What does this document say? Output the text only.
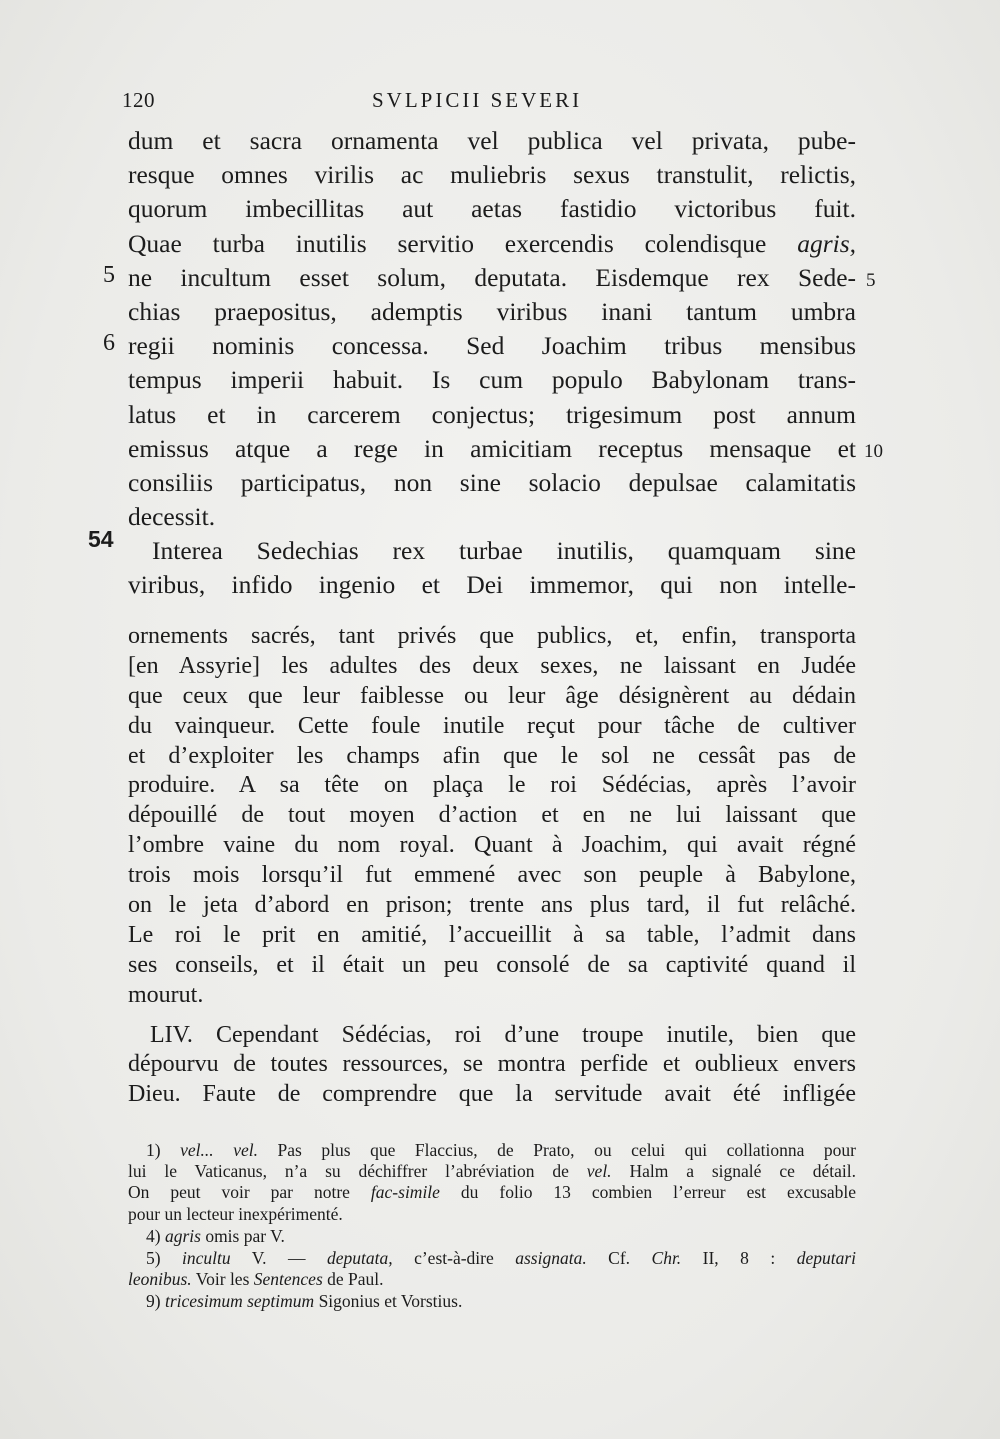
120	SVLPICII SEVERI
dum et sacra ornamenta vel publica vel privata, pube-
resque omnes virilis ac muliebris sexus transtulit, relictis,
quorum imbecillitas aut aetas fastidio victoribus fuit.
Quae turba inutilis servitio exercendis colendisque agris,
ne incultum esset solum, deputata. Eisdemque rex Sede-
chias praepositus, ademptis viribus inani tantum umbra
regii nominis concessa. Sed Joachim tribus mensibus
tempus imperii habuit. Is cum populo Babylonam trans-
latus et in carcerem conjectus; trigesimum post annum
emissus atque a rege in amicitiam receptus mensaque et
consiliis participatus, non sine solacio depulsae calamitatis
decessit.
Interea Sedechias rex turbae inutilis, quamquam sine
viribus, infido ingenio et Dei immemor, qui non intelle-
5
6
5
10
54
ornements sacrés, tant privés que publics, et, enfin, transporta
[en Assyrie] les adultes des deux sexes, ne laissant en Judée
que ceux que leur faiblesse ou leur âge désignèrent au dédain
du vainqueur. Cette foule inutile reçut pour tâche de cultiver
et d’exploiter les champs afin que le sol ne cessât pas de
produire. A sa tête on plaça le roi Sédécias, après l’avoir
dépouillé de tout moyen d’action et en ne lui laissant que
l’ombre vaine du nom royal. Quant à Joachim, qui avait régné
trois mois lorsqu’il fut emmené avec son peuple à Babylone,
on le jeta d’abord en prison; trente ans plus tard, il fut relâché.
Le roi le prit en amitié, l’accueillit à sa table, l’admit dans
ses conseils, et il était un peu consolé de sa captivité quand il
mourut.
LIV. Cependant Sédécias, roi d’une troupe inutile, bien que
dépourvu de toutes ressources, se montra perfide et oublieux envers
Dieu. Faute de comprendre que la servitude avait été infligée
1) vel... vel. Pas plus que Flaccius, de Prato, ou celui qui collationna pour
lui le Vaticanus, n’a su déchiffrer l’abréviation de vel. Halm a signalé ce détail.
On peut voir par notre fac-simile du folio 13 combien l’erreur est excusable
pour un lecteur inexpérimenté.
4) agris omis par V.
5) incultu V. — deputata, c’est-à-dire assignata. Cf. Chr. II, 8 : deputari
leonibus. Voir les Sentences de Paul.
9) tricesimum septimum Sigonius et Vorstius.
